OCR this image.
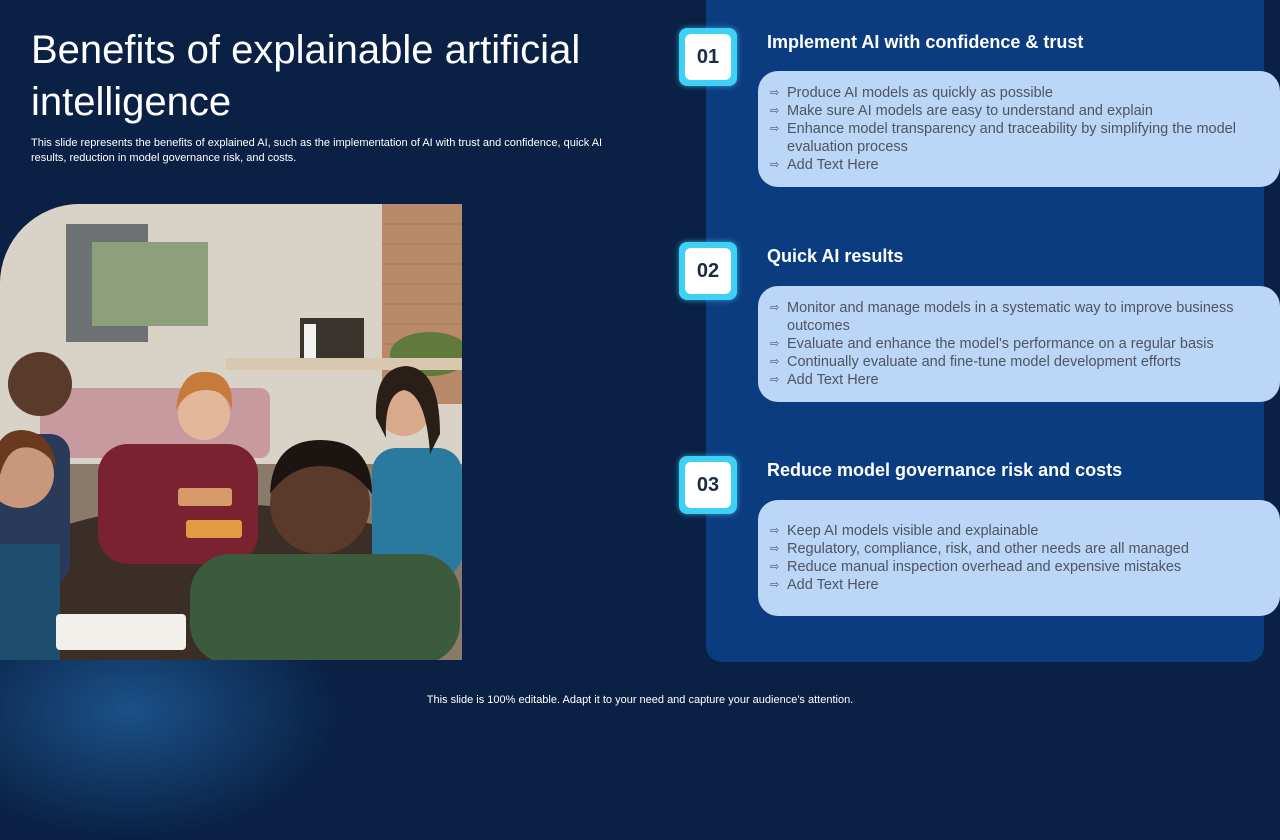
Benefits of explainable artificial intelligence

This slide represents the benefits of explained AI, such as the implementation of AI with trust and confidence, quick AI results, reduction in model governance risk, and costs.

01
Implement AI with confidence & trust
⇨ Produce AI models as quickly as possible
⇨ Make sure AI models are easy to understand and explain
⇨ Enhance model transparency and traceability by simplifying the model evaluation process
⇨ Add Text Here
02
Quick AI results
⇨ Monitor and manage models in a systematic way to improve business outcomes
⇨ Evaluate and enhance the model's performance on a regular basis
⇨ Continually evaluate and fine-tune model development efforts
⇨ Add Text Here
03
Reduce model governance risk and costs
⇨ Keep AI models visible and explainable
⇨ Regulatory, compliance, risk, and other needs are all managed
⇨ Reduce manual inspection overhead and expensive mistakes
⇨ Add Text Here
This slide is 100% editable. Adapt it to your need and capture your audience's attention.
